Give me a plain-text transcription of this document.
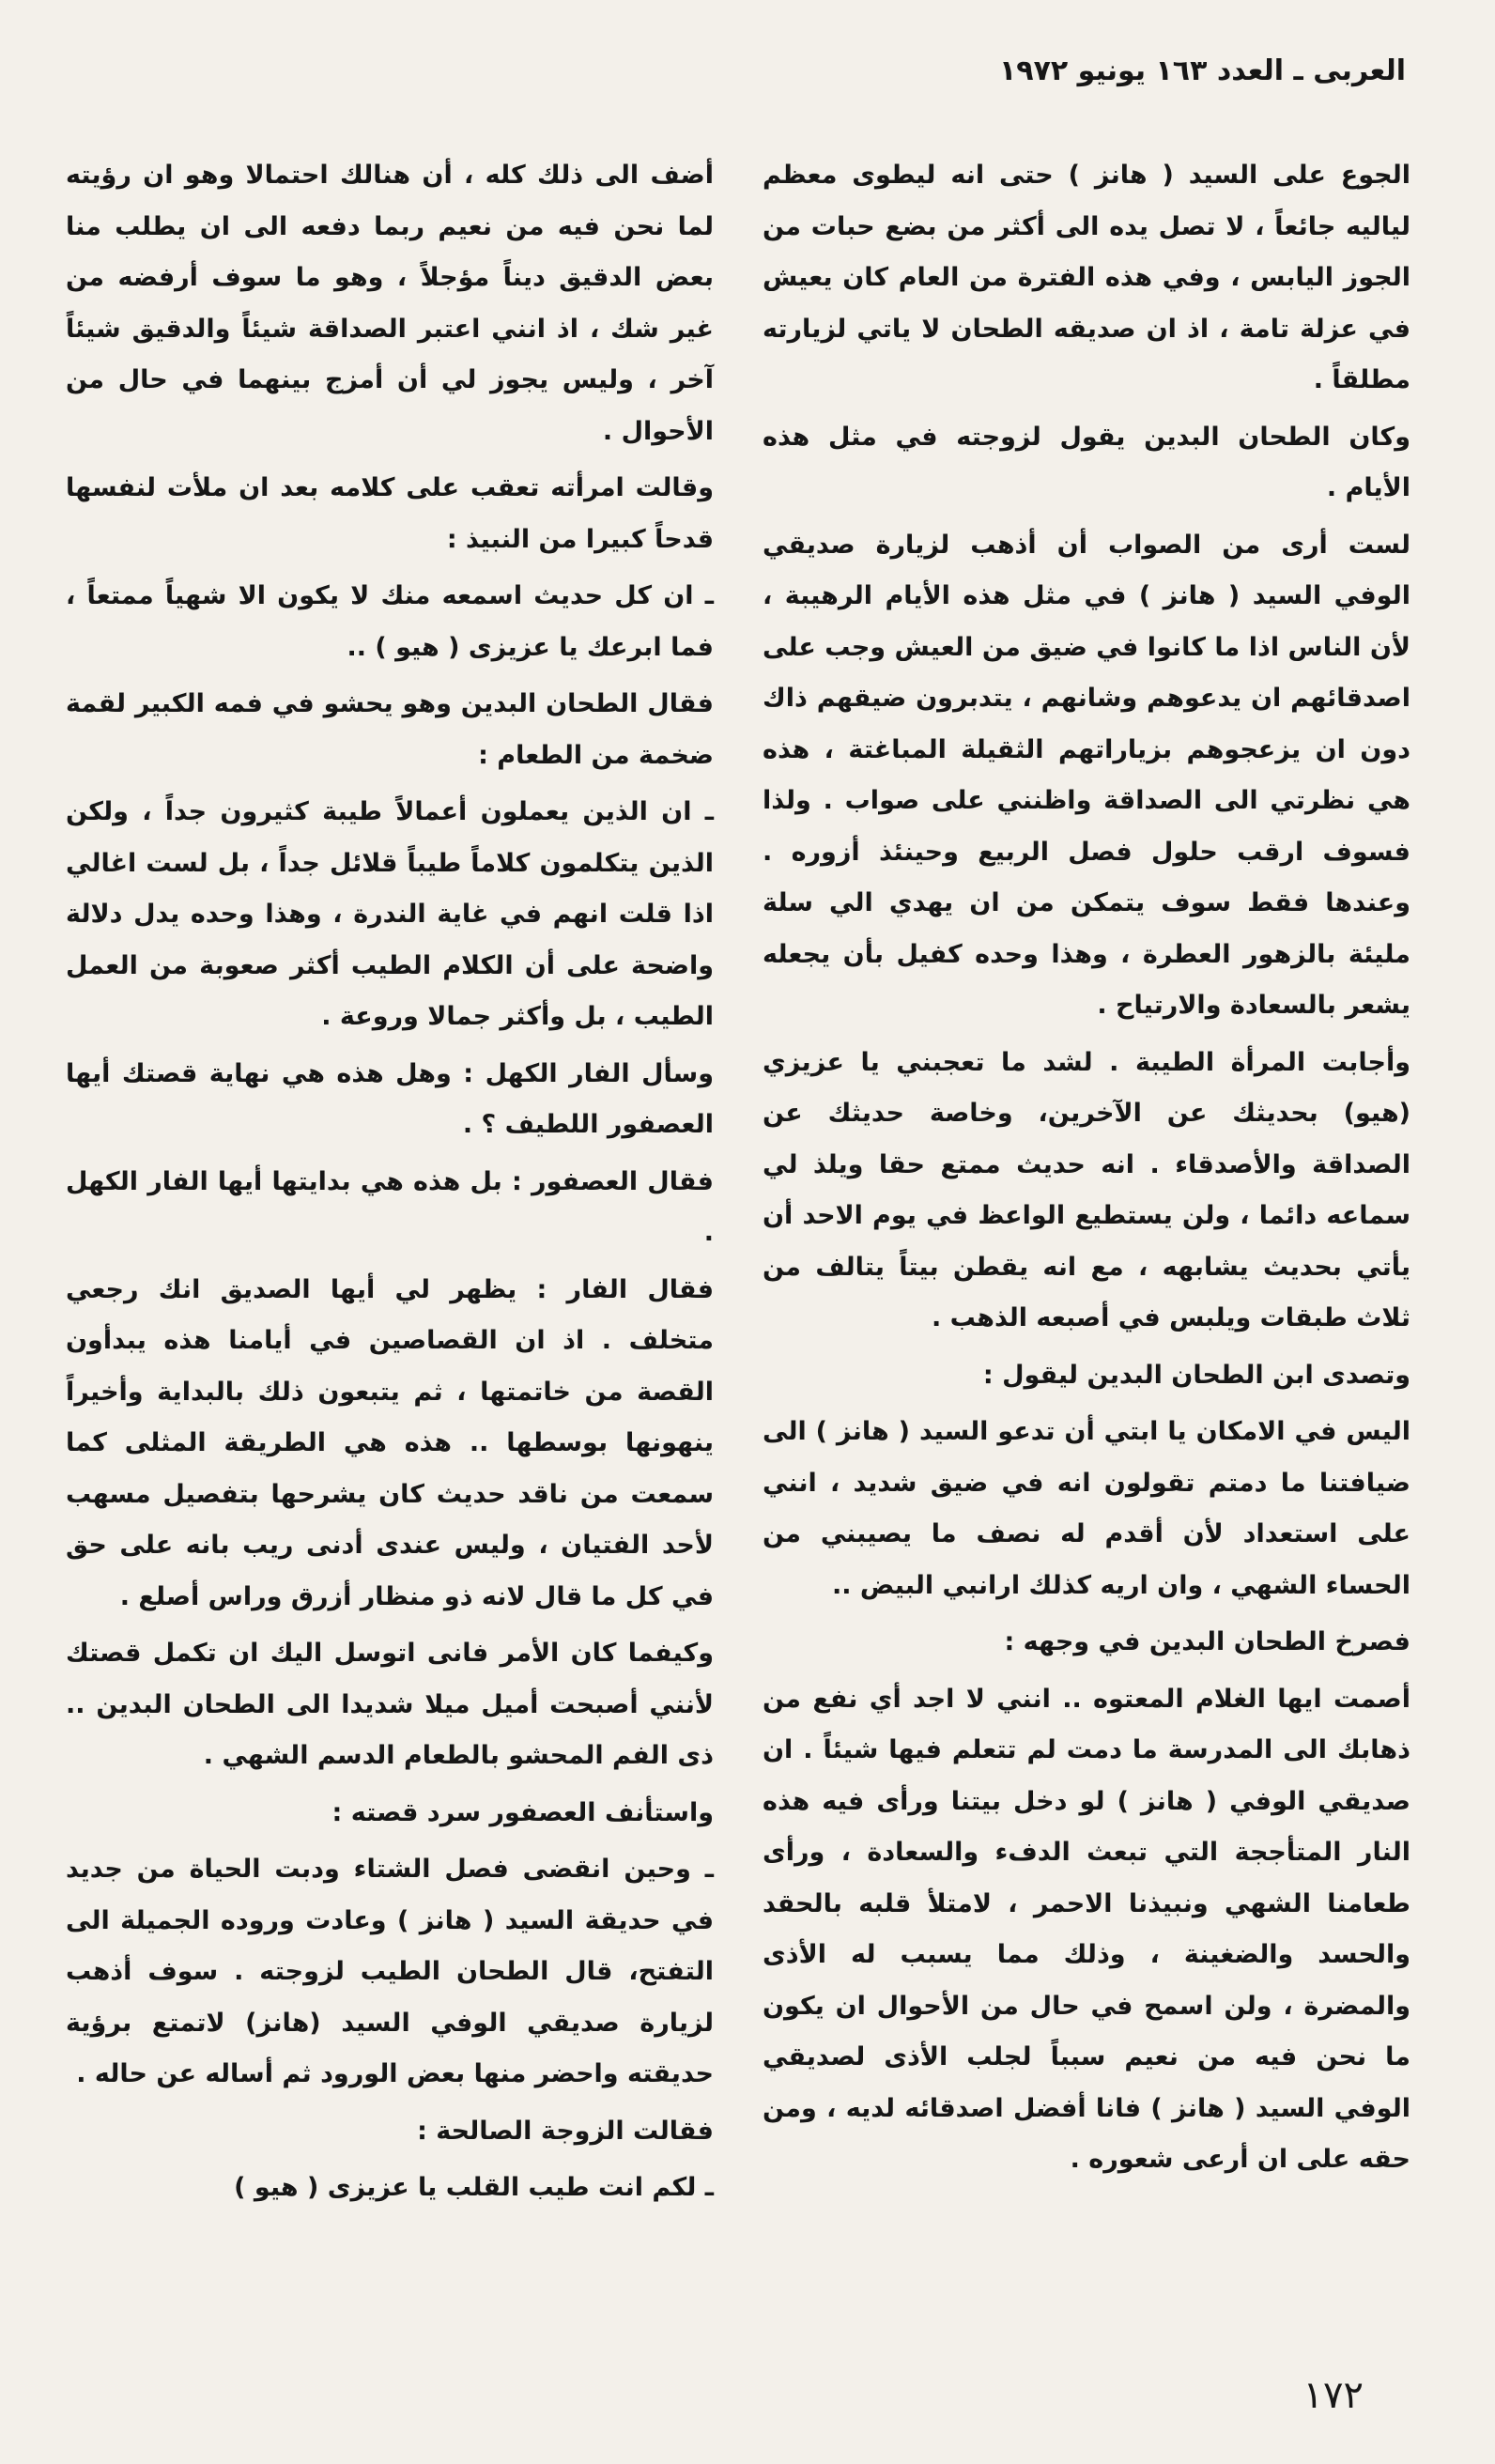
العربى ـ العدد ١٦٣ يونيو ١٩٧٢

الجوع على السيد ( هانز ) حتى انه ليطوى معظم لياليه جائعاً ، لا تصل يده الى أكثر من بضع حبات من الجوز اليابس ، وفي هذه الفترة من العام كان يعيش في عزلة تامة ، اذ ان صديقه الطحان لا ياتي لزيارته مطلقاً .

وكان الطحان البدين يقول لزوجته في مثل هذه الأيام .

لست أرى من الصواب أن أذهب لزيارة صديقي الوفي السيد ( هانز ) في مثل هذه الأيام الرهيبة ، لأن الناس اذا ما كانوا في ضيق من العيش وجب على اصدقائهم ان يدعوهم وشانهم ، يتدبرون ضيقهم ذاك دون ان يزعجوهم بزياراتهم الثقيلة المباغتة ، هذه هي نظرتي الى الصداقة واظنني على صواب . ولذا فسوف ارقب حلول فصل الربيع وحينئذ أزوره . وعندها فقط سوف يتمكن من ان يهدي الي سلة مليئة بالزهور العطرة ، وهذا وحده كفيل بأن يجعله يشعر بالسعادة والارتياح .

وأجابت المرأة الطيبة . لشد ما تعجبني يا عزيزي (هيو) بحديثك عن الآخرين، وخاصة حديثك عن الصداقة والأصدقاء . انه حديث ممتع حقا ويلذ لي سماعه دائما ، ولن يستطيع الواعظ في يوم الاحد أن يأتي بحديث يشابهه ، مع انه يقطن بيتاً يتالف من ثلاث طبقات ويلبس في أصبعه الذهب .

وتصدى ابن الطحان البدين ليقول :

اليس في الامكان يا ابتي أن تدعو السيد ( هانز ) الى ضيافتنا ما دمتم تقولون انه في ضيق شديد ، انني على استعداد لأن أقدم له نصف ما يصيبني من الحساء الشهي ، وان اريه كذلك ارانبي البيض ..

فصرخ الطحان البدين في وجهه :

أصمت ايها الغلام المعتوه .. انني لا اجد أي نفع من ذهابك الى المدرسة ما دمت لم تتعلم فيها شيئاً . ان صديقي الوفي ( هانز ) لو دخل بيتنا ورأى فيه هذه النار المتأججة التي تبعث الدفء والسعادة ، ورأى طعامنا الشهي ونبيذنا الاحمر ، لامتلأ قلبه بالحقد والحسد والضغينة ، وذلك مما يسبب له الأذى والمضرة ، ولن اسمح في حال من الأحوال ان يكون ما نحن فيه من نعيم سبباً لجلب الأذى لصديقي الوفي السيد ( هانز ) فانا أفضل اصدقائه لديه ، ومن حقه على ان أرعى شعوره .

أضف الى ذلك كله ، أن هنالك احتمالا وهو ان رؤيته لما نحن فيه من نعيم ربما دفعه الى ان يطلب منا بعض الدقيق ديناً مؤجلاً ، وهو ما سوف أرفضه من غير شك ، اذ انني اعتبر الصداقة شيئاً والدقيق شيئاً آخر ، وليس يجوز لي أن أمزج بينهما في حال من الأحوال .

وقالت امرأته تعقب على كلامه بعد ان ملأت لنفسها قدحاً كبيرا من النبيذ :

ـ ان كل حديث اسمعه منك لا يكون الا شهياً ممتعاً ، فما ابرعك يا عزيزى ( هيو ) ..

فقال الطحان البدين وهو يحشو في فمه الكبير لقمة ضخمة من الطعام :

ـ ان الذين يعملون أعمالاً طيبة كثيرون جداً ، ولكن الذين يتكلمون كلاماً طيباً قلائل جداً ، بل لست اغالي اذا قلت انهم في غاية الندرة ، وهذا وحده يدل دلالة واضحة على أن الكلام الطيب أكثر صعوبة من العمل الطيب ، بل وأكثر جمالا وروعة .

وسأل الفار الكهل : وهل هذه هي نهاية قصتك أيها العصفور اللطيف ؟ .

فقال العصفور : بل هذه هي بدايتها أيها الفار الكهل .

فقال الفار : يظهر لي أيها الصديق انك رجعي متخلف . اذ ان القصاصين في أيامنا هذه يبدأون القصة من خاتمتها ، ثم يتبعون ذلك بالبداية وأخيراً ينهونها بوسطها .. هذه هي الطريقة المثلى كما سمعت من ناقد حديث كان يشرحها بتفصيل مسهب لأحد الفتيان ، وليس عندى أدنى ريب بانه على حق في كل ما قال لانه ذو منظار أزرق وراس أصلع .

وكيفما كان الأمر فانى اتوسل اليك ان تكمل قصتك لأنني أصبحت أميل ميلا شديدا الى الطحان البدين .. ذى الفم المحشو بالطعام الدسم الشهي .

واستأنف العصفور سرد قصته :

ـ وحين انقضى فصل الشتاء ودبت الحياة من جديد في حديقة السيد ( هانز ) وعادت وروده الجميلة الى التفتح، قال الطحان الطيب لزوجته . سوف أذهب لزيارة صديقي الوفي السيد (هانز) لاتمتع برؤية حديقته واحضر منها بعض الورود ثم أساله عن حاله .

فقالت الزوجة الصالحة :

ـ لكم انت طيب القلب يا عزيزى ( هيو )

١٧٢
